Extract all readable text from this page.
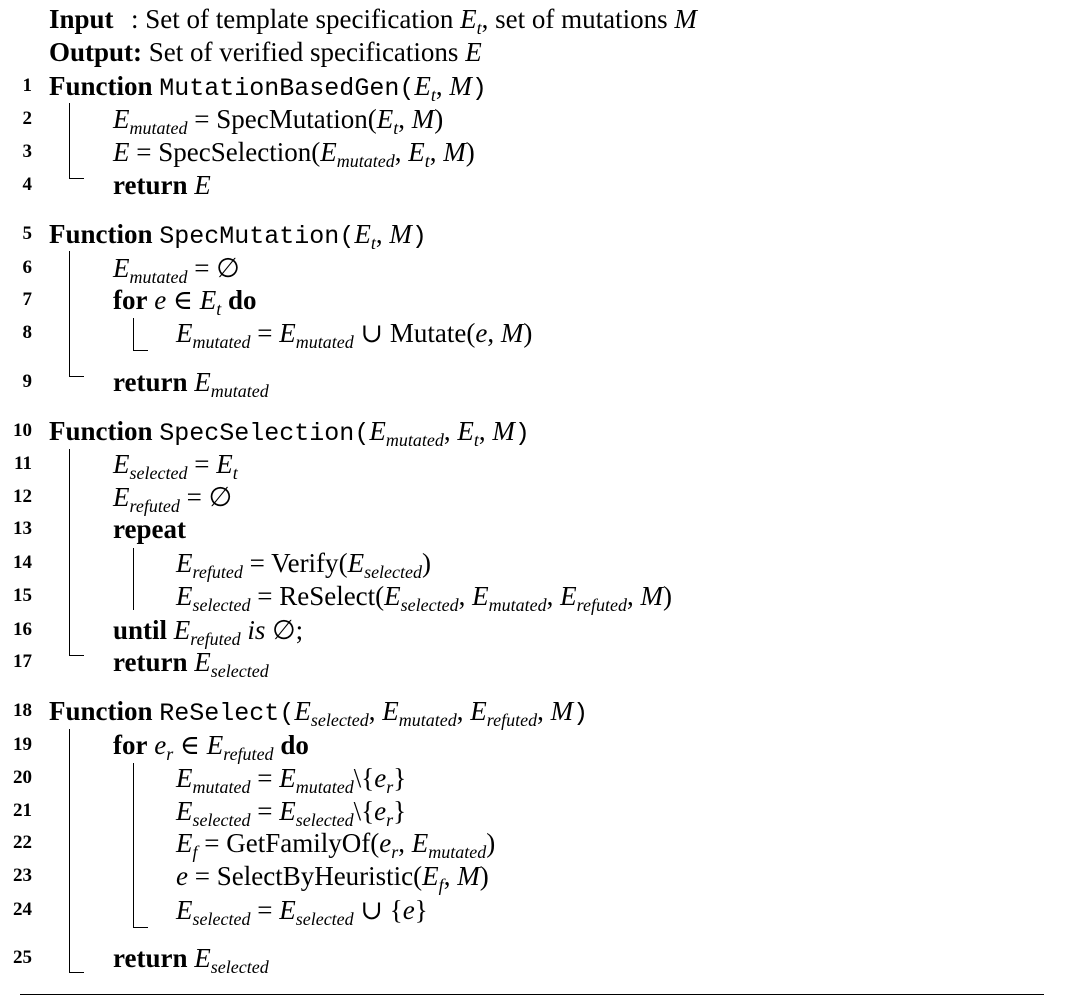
Input : Set of template specification $E_t$, set of mutations M
Output: Set of verified specifications E
1 Function $MutationBasedGen(E_t$, M)
2	$E_{mutated}$ = $SpecMutation(E_t$, M)
3	$E = SpecSelection(E_{mutated}$, $E_t$, M)
4	return E
5 Function $SpecMutation(E_t$, M)
6	$E_{mutated}$ = ∅
7	for e ∈ $E_t$ do
8	$E_{mutated} = E_{mutated}$ ∪ Mutate(e, M)
9	return $E_{mutated}$
10 Function $SpecSelection(E_{mutated}$, $E_t$, M)
11	$E_{selected} = E_t$
12	$E_{refuted}$ = ∅
13	repeat
14	$E_{refuted}$ = $Verify(E_{selected})$
15	$E_{selected}$ = $ReSelect(E_{selected}$, $E_{mutated}$, $E_{refuted}$, M)
16	until $E_{refuted}$ is ∅;
17	return $E_{selected}$
18 Function $ReSelect(E_{selected}$, $E_{mutated}$, $E_{refuted}$, M)
19	for $e_r$ ∈ $E_{refuted}$ do
20	$E_{mutated}$ = $E_{mutated}\backslash\{e_r\}$
21	$E_{selected}$ = $E_{selected}\backslash\{e_r\}$
22	$E_f$ = $GetFamilyOf(e_r$, $E_{mutated}$)
23	$e = SelectByHeuristic(E_f$, M)
24	$E_{selected} = E_{selected}$ ∪ {e}
25	return $E_{selected}$
